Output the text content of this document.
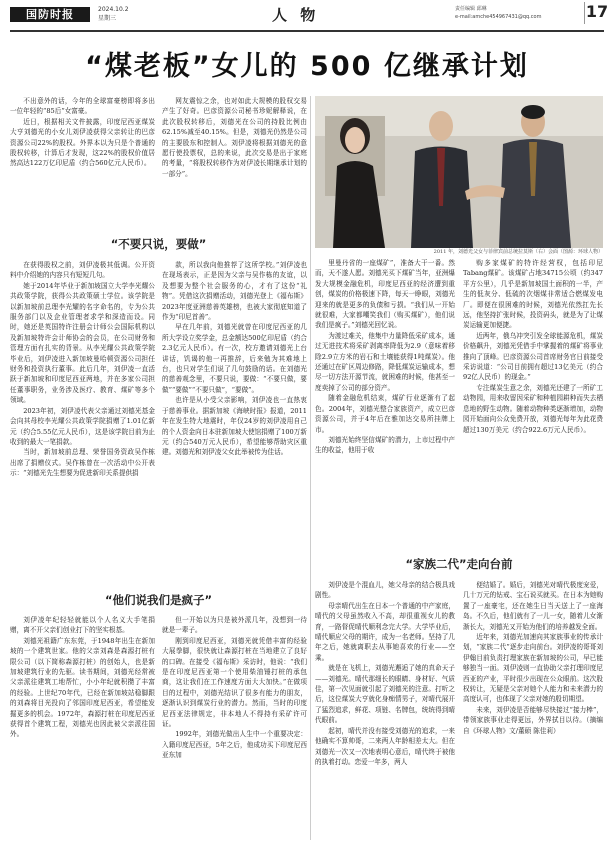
国防时报	2024.10.2
星期三	人 物	责任编辑 邱琳
e-mail:amche454967431@qq.com	17
“煤老板”女儿的 500 亿继承计划

不出意外的话，今年的全球富豪榜即将多出一位年轻的“85后”女富豪。

近日，根据相关文件披露，印度尼西亚煤炭大亨刘德光的小女儿刘伊凌获得父亲转让的巴彦资源公司22%的股权。外界本以为只是个普通的股权转移，计算后才发现，这22%的股权价值居然高达122万亿印尼盾（约合560亿元人民币）。

网友震惊之余，也对如此大规模的股权交易产生了好奇。巴彦资源公司秘书珍妮解释说，在此次股权转移后，刘德光在公司的持股比例由62.15%减至40.15%。但是，刘德光仍然是公司的主要股东和控制人。刘伊凌将根据刘德光的意愿行使投票权，总的来说，此次交易是出于家庭的考量，“将股权转移作为对伊凌长期继承计划的一部分”。

2011 年，刘德光父女与菲律宾前总统拉莫斯（右）会面（图源：环球人物）
“不要只说，要做”

在获得股权之前，刘伊凌极其低调。公开资料中介绍她的内容只有短短几句。

她于2014年毕业于新加坡国立大学李光耀公共政策学院，获得公共政策硕士学位。该学院是以新加坡前总理李光耀的名字命名的，专为公共服务部门以及企业管理者求学和深造而设。同时，她还是英国特许注册会计师公会国际机构以及新加坡特许会计师协会的会员，在公司财务和管理方面有扎实的背景。从李光耀公共政策学院毕业后，刘伊凌进入新加坡曼哈顿资源公司担任财务和投资执行董事。此后几年，刘伊凌一直活跃于新加坡和印度尼西亚两地，并在多家公司担任董事职务，业务涉及医疗、教育、煤矿等多个领域。

2023年初，刘伊凌代表父亲通过刘德光基金会向其母校李光耀公共政策学院捐赠了1.01亿新元（约合5.55亿元人民币），这是该学院目前为止收到的最大一笔捐款。

当时，新加坡前总理、荣誉国务资政吴作栋出席了捐赠仪式。吴作栋曾在一次活动中公开表示：“刘德光先生想要为促进新印关系提供捐

款，所以我向他推荐了这所学校。”刘伊凌也在现场表示，正是因为父亲与吴作栋的友谊，以及想要为整个社会服务的心，才有了这份“礼物”。凭借这次捐赠活动，刘德光登上《福布斯》2023年度亚洲慈善英雄榜，也被大家彻底知道了作为“印尼首善”。

早在几年前，刘德光就曾在印度尼西亚的几所大学设立奖学金，总金额达500亿印尼盾（约合2.3亿元人民币）。有一次，校方邀请刘德光上台讲话，饥谒的他一再推辞，后来勉为其难地上台，也只对学生们说了几句鼓励的话。在刘德光的慈善观念里，不要只说，要做：“不要只做，要做”“要做”“不要只做”，“要做”。

也许是从小受父亲影响，刘伊凌也一直热衷于慈善事业。据新加坡《海峡时报》报道，2011年在发生特大地震时，年仅24岁的刘伊凌用自己的个人资金向日本驻新加坡大使馆捐赠了100万新元（约合540万元人民币），希望能够帮助灾区重建。刘德光和刘伊凌父女此举被传为佳话。

“他们说我们是疯子”

刘伊凌年纪轻轻就能以个人名义大手笔捐赠，离不开父亲们创业打下的坚实根基。

刘德光祖籍广东东莞，于1948年出生在新加坡的一个建筑世家。他的父亲刘森是森源打桩有限公司（以下简称森源打桩）的创始人，也是新加坡建筑行业的先驱。读书期间，刘德光经常被父亲派往建筑工地帮忙，小小年纪就积攒了丰富的经验。上世纪70年代，已经在新加坡站稳脚跟的刘森将目光投向了邻国印度尼西亚，希望能发掘更多的机会。1972年，森源打桩在印度尼西亚获得首个建筑工程，刘德光也因此被父亲派往国外。

但一开始以为只是被外派几年，没想到一待就是一辈子。

刚到印度尼西亚，刘德光就凭借丰富的经验大展拳脚，很快就让森源打桩在当地建立了良好的口碑。在接受《福布斯》采访时，他说：“我们是在印度尼西亚第一个使用柴油锤打桩的承包商，这让我们在工作速度方面大大加快。”在做项目的过程中，刘德光结识了很多有能力的朋友，逐渐认识到煤炭行业的潜力。然而，当时的印度尼西亚法律规定，非本地人不得持有采矿许可证。

1992年，刘德光做出人生中一个重要决定：入籍印度尼西亚，5年之后，他成功买下印度尼西亚东加

里曼丹省的一座煤矿”，准备大干一番。然而，天不遂人愿。刘德光买下煤矿当年，亚洲爆发大规模金融危机，印度尼西亚的经济遭到重创，煤炭的价格极速下降，每天一睁眼，刘德光迎来的就是更多的负债和亏损。“我们从一开始就很难，大家都嘲笑我们（购买煤矿），他们说我们是疯子。”刘德光回忆说。

为渡过难关，他集中力量降低采矿成本，通过无进技术将采矿剥离率降低为2.9（意味着移除2.9立方米的岩石和土壤能获得1吨煤炭）。他还通过在矿区周边修路，降低煤炭运输成本，想尽一切方法开源节流，就困难的时候，他甚至一度卖掉了公司的部分资产。

随着金融危机结束，煤矿行业逐渐有了起色。2004年，刘德光整合家族资产，成立巴彦资源公司，并于4年后在雅加达交易所挂牌上市。

刘德光始终坚信煤矿的潜力，上市过程中产生的收益，他用于收

购多家煤矿的特许经营权，包括印尼Tabang煤矿。该煤矿占地34715公顷（约347平方公里），几乎是新加坡国土面积的一半，产生的低灰分、低硫的次烟煤非常适合燃煤发电厂。即便在很困难的时候，刘德光依然扛先长远，他坚持扩张时候，投资码头，就是为了让煤炭运输更加便捷。

近两年，俄乌冲突引发全球能源危机，煤炭价格飙升，刘德光凭借手中掌握着的煤矿将事业推向了顶峰。巴彦资源公司首席财务官日前接受采访说道：“公司目前拥有超过13亿美元（约合92亿人民币）的现金。”

专注煤炭生意之余，刘德光还建了一所矿工动物园，用来收留因采矿和种植园耕种而失去栖息地的野生动物。随着动物种类逐渐增加，动物园开始面向公众免费开放，刘德光每年为此花费超过130万美元（约合922.6万元人民币）。

“家族二代”走向台前

刘伊凌是个混血儿，她父母亲的结合极具戏剧性。

母亲晴代出生在日本一个普通的中产家庭，晴代的父母虽然收入不高，却很重视女儿的教育，一路督促晴代顺利念完大学。大学毕业后，晴代顺应父母的期许，成为一名老师。坚持了几年之后，她就离职去从事她喜欢的行业——空乘。

就是在飞机上，刘德光邂逅了她的真命天子——刘德光。晴代那细长的眼睛、身材好、气质佳，第一次见面就引起了刘德光的注意。打听之后，这位煤炭大亨就化身痴情男子，对晴代展开了猛烈追求，鲜花、项链、名牌包，统统得到晴代眼前。

起初，晴代并没有接受刘德光的追求，一来他确实不算帅哥，二来两人年龄相差太大。但在刘德光一次又一次地表明心意后，晴代终于被他的执着打动。恋爱一年多，两人

便结婚了。婚后，刘德光对晴代极度宠爱，几十万元的钻戒、宝石说买就买。在日本为她购置了一座豪宅，还在她生日当天送上了一座海岛。不久后，他们就有了一儿一女，随着儿女渐渐长大，刘德光又开始为他们的培养越发全面。

近年来，刘德光加速向其家族事业的传承计划，“家族二代”逐步走向前台。刘伊凌的哥哥刘伊翰目前负责打理家族在新加坡的公司，早已能够独当一面。刘伊凌则一直协助父亲打理印度尼西亚的产业，平时很少出现在公众眼前。这次股权转让，无疑是父亲对她个人能力和未来潜力的高度认可，也体现了父亲对她的殷切期望。

未来，刘伊凌是否能够尽快接过“接力棒”，带领家族事业走得更远，外界拭目以待。（摘编自《环球人物》文/董硕 陈佳莉）
